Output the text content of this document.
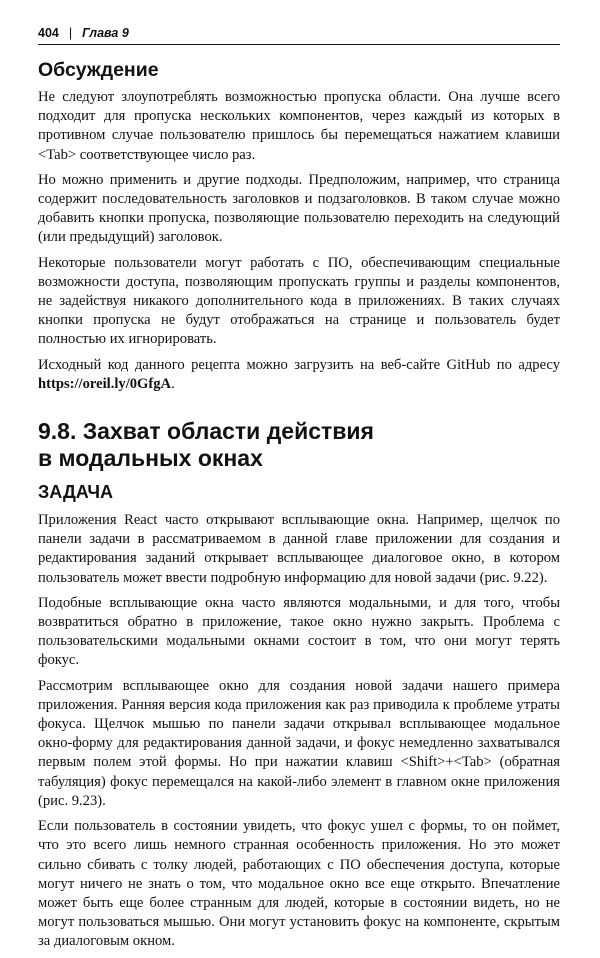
404 | Глава 9
Обсуждение

Не следуют злоупотреблять возможностью пропуска области. Она лучше всего подходит для пропуска нескольких компонентов, через каждый из которых в противном случае пользователю пришлось бы перемещаться нажатием клавиши <Tab> соответствующее число раз.

Но можно применить и другие подходы. Предположим, например, что страница содержит последовательность заголовков и подзаголовков. В таком случае можно добавить кнопки пропуска, позволяющие пользователю переходить на следующий (или предыдущий) заголовок.

Некоторые пользователи могут работать с ПО, обеспечивающим специальные возможности доступа, позволяющим пропускать группы и разделы компонентов, не задействуя никакого дополнительного кода в приложениях. В таких случаях кнопки пропуска не будут отображаться на странице и пользователь будет полностью их игнорировать.

Исходный код данного рецепта можно загрузить на веб-сайте GitHub по адресу https://oreil.ly/0GfgA.

9.8. Захват области действия
в модальных окнах
ЗАДАЧА

Приложения React часто открывают всплывающие окна. Например, щелчок по панели задачи в рассматриваемом в данной главе приложении для создания и редактирования заданий открывает всплывающее диалоговое окно, в котором пользователь может ввести подробную информацию для новой задачи (рис. 9.22).

Подобные всплывающие окна часто являются модальными, и для того, чтобы возвратиться обратно в приложение, такое окно нужно закрыть. Проблема с пользовательскими модальными окнами состоит в том, что они могут терять фокус.

Рассмотрим всплывающее окно для создания новой задачи нашего примера приложения. Ранняя версия кода приложения как раз приводила к проблеме утраты фокуса. Щелчок мышью по панели задачи открывал всплывающее модальное окно-форму для редактирования данной задачи, и фокус немедленно захватывался первым полем этой формы. Но при нажатии клавиш <Shift>+<Tab> (обратная табуляция) фокус перемещался на какой-либо элемент в главном окне приложения (рис. 9.23).

Если пользователь в состоянии увидеть, что фокус ушел с формы, то он поймет, что это всего лишь немного странная особенность приложения. Но это может сильно сбивать с толку людей, работающих с ПО обеспечения доступа, которые могут ничего не знать о том, что модальное окно все еще открыто. Впечатление может быть еще более странным для людей, которые в состоянии видеть, но не могут пользоваться мышью. Они могут установить фокус на компоненте, скрытым за диалоговым окном.
